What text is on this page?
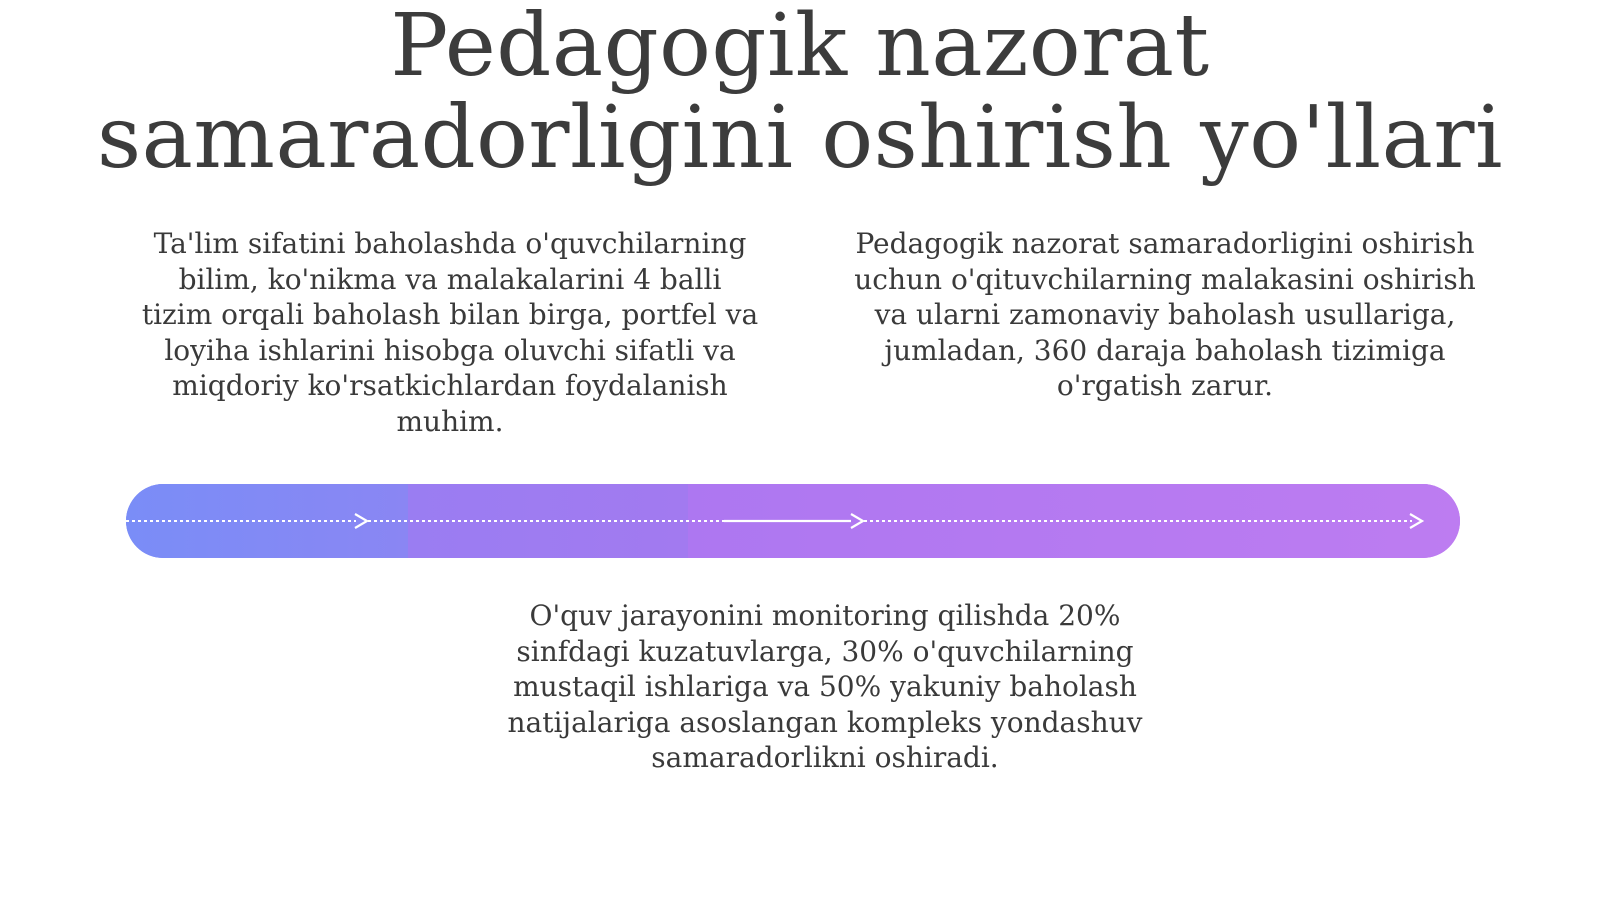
Pedagogik nazorat
samaradorligini oshirish yo'llari

Ta'lim sifatini baholashda o'quvchilarning bilim, ko'nikma va malakalarini 4 balli tizim orqali baholash bilan birga, portfel va loyiha ishlarini hisobga oluvchi sifatli va miqdoriy ko'rsatkichlardan foydalanish muhim.

Pedagogik nazorat samaradorligini oshirish uchun o'qituvchilarning malakasini oshirish va ularni zamonaviy baholash usullariga, jumladan, 360 daraja baholash tizimiga o'rgatish zarur.

O'quv jarayonini monitoring qilishda 20% sinfdagi kuzatuvlarga, 30% o'quvchilarning mustaqil ishlariga va 50% yakuniy baholash natijalariga asoslangan kompleks yondashuv samaradorlikni oshiradi.
